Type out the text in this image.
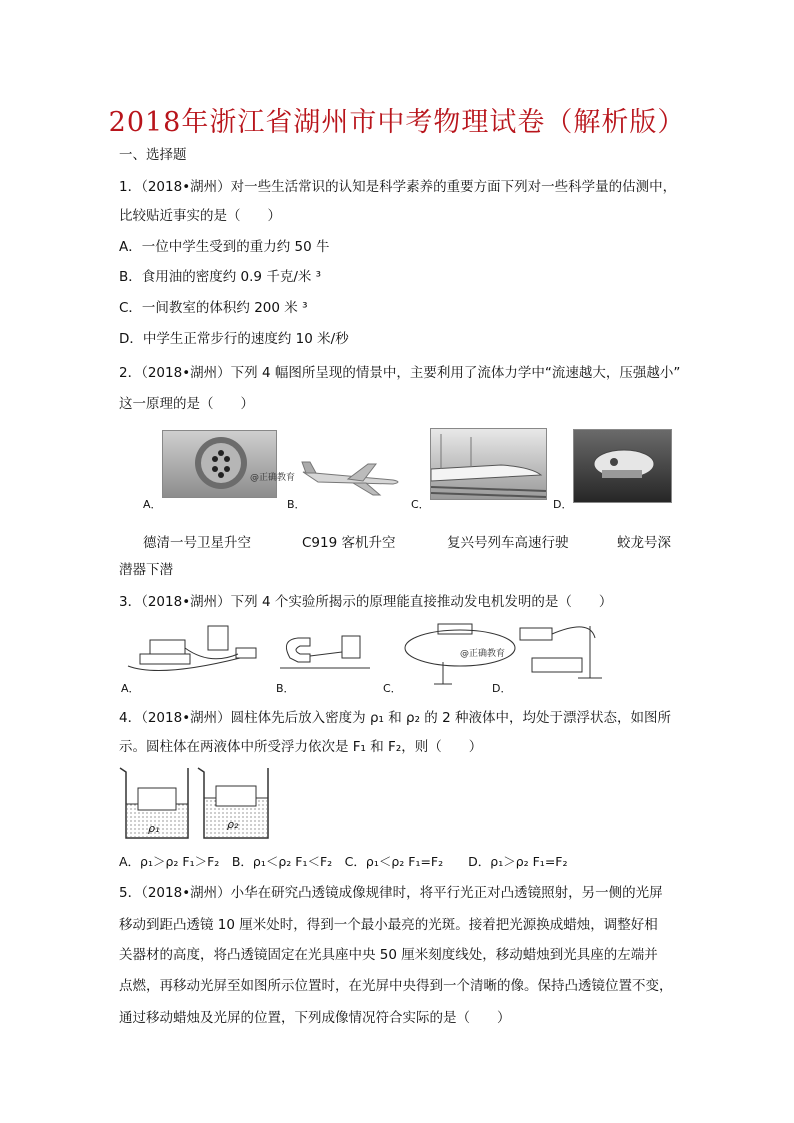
2018年浙江省湖州市中考物理试卷（解析版）
一、选择题
1．（2018•湖州）对一些生活常识的认知是科学素养的重要方面下列对一些科学量的估测中，
比较贴近事实的是（　　）
A．一位中学生受到的重力约 50 牛
B．食用油的密度约 0.9 千克/米 ³
C．一间教室的体积约 200 米 ³
D．中学生正常步行的速度约 10 米/秒
2．（2018•湖州）下列 4 幅图所呈现的情景中，主要利用了流体力学中“流速越大，压强越小”
这一原理的是（　　）
@正确教育
A．	B．	C．	D．
德清一号卫星升空	C919 客机升空	复兴号列车高速行驶	蛟龙号深
潜器下潜
3．（2018•湖州）下列 4 个实验所揭示的原理能直接推动发电机发明的是（　　）
@正确教育
A．	B．	C．	D．
4．（2018•湖州）圆柱体先后放入密度为 ρ₁ 和 ρ₂ 的 2 种液体中，均处于漂浮状态，如图所
示。圆柱体在两液体中所受浮力依次是 F₁ 和 F₂，则（　　）
ρ₁	ρ₂
A．ρ₁＞ρ₂ F₁＞F₂　B．ρ₁＜ρ₂ F₁＜F₂　C．ρ₁＜ρ₂ F₁=F₂　　D．ρ₁＞ρ₂ F₁=F₂
5．（2018•湖州）小华在研究凸透镜成像规律时，将平行光正对凸透镜照射，另一侧的光屏
移动到距凸透镜 10 厘米处时，得到一个最小最亮的光斑。接着把光源换成蜡烛，调整好相
关器材的高度，将凸透镜固定在光具座中央 50 厘米刻度线处，移动蜡烛到光具座的左端并
点燃，再移动光屏至如图所示位置时，在光屏中央得到一个清晰的像。保持凸透镜位置不变，
通过移动蜡烛及光屏的位置，下列成像情况符合实际的是（　　）
